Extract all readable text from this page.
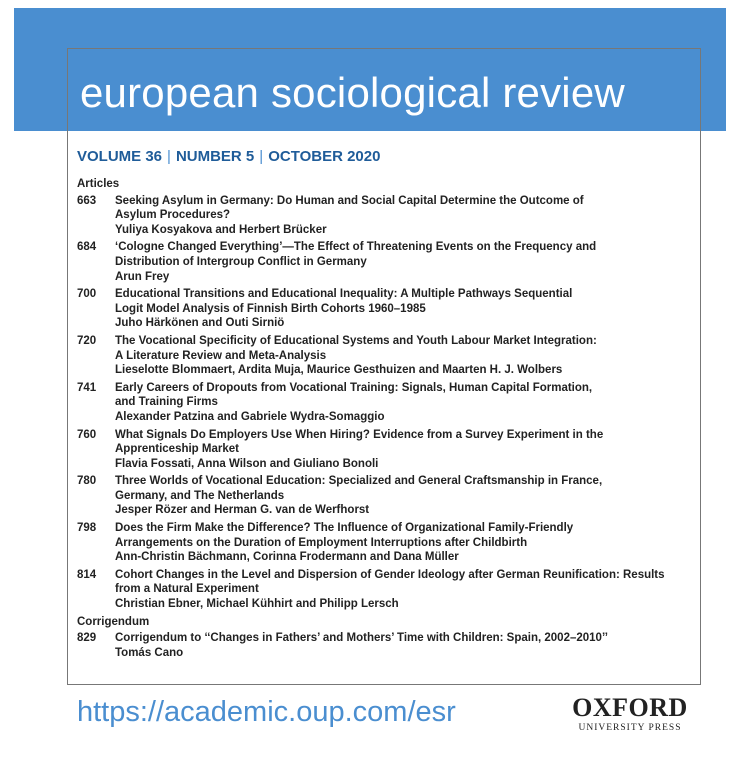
european sociological review
VOLUME 36 | NUMBER 5 | OCTOBER 2020
Articles
663	Seeking Asylum in Germany: Do Human and Social Capital Determine the Outcome of
Asylum Procedures?
Yuliya Kosyakova and Herbert Brücker
684	‘Cologne Changed Everything’—The Effect of Threatening Events on the Frequency and
Distribution of Intergroup Conflict in Germany
Arun Frey
700	Educational Transitions and Educational Inequality: A Multiple Pathways Sequential
Logit Model Analysis of Finnish Birth Cohorts 1960–1985
Juho Härkönen and Outi Sirniö
720	The Vocational Specificity of Educational Systems and Youth Labour Market Integration:
A Literature Review and Meta-Analysis
Lieselotte Blommaert, Ardita Muja, Maurice Gesthuizen and Maarten H. J. Wolbers
741	Early Careers of Dropouts from Vocational Training: Signals, Human Capital Formation,
and Training Firms
Alexander Patzina and Gabriele Wydra-Somaggio
760	What Signals Do Employers Use When Hiring? Evidence from a Survey Experiment in the
Apprenticeship Market
Flavia Fossati, Anna Wilson and Giuliano Bonoli
780	Three Worlds of Vocational Education: Specialized and General Craftsmanship in France,
Germany, and The Netherlands
Jesper Rözer and Herman G. van de Werfhorst
798	Does the Firm Make the Difference? The Influence of Organizational Family-Friendly
Arrangements on the Duration of Employment Interruptions after Childbirth
Ann-Christin Bächmann, Corinna Frodermann and Dana Müller
814	Cohort Changes in the Level and Dispersion of Gender Ideology after German Reunification: Results
from a Natural Experiment
Christian Ebner, Michael Kühhirt and Philipp Lersch
Corrigendum
829	Corrigendum to ‘‘Changes in Fathers’ and Mothers’ Time with Children: Spain, 2002–2010’’
Tomás Cano
https://academic.oup.com/esr	OXFORD
UNIVERSITY PRESS
